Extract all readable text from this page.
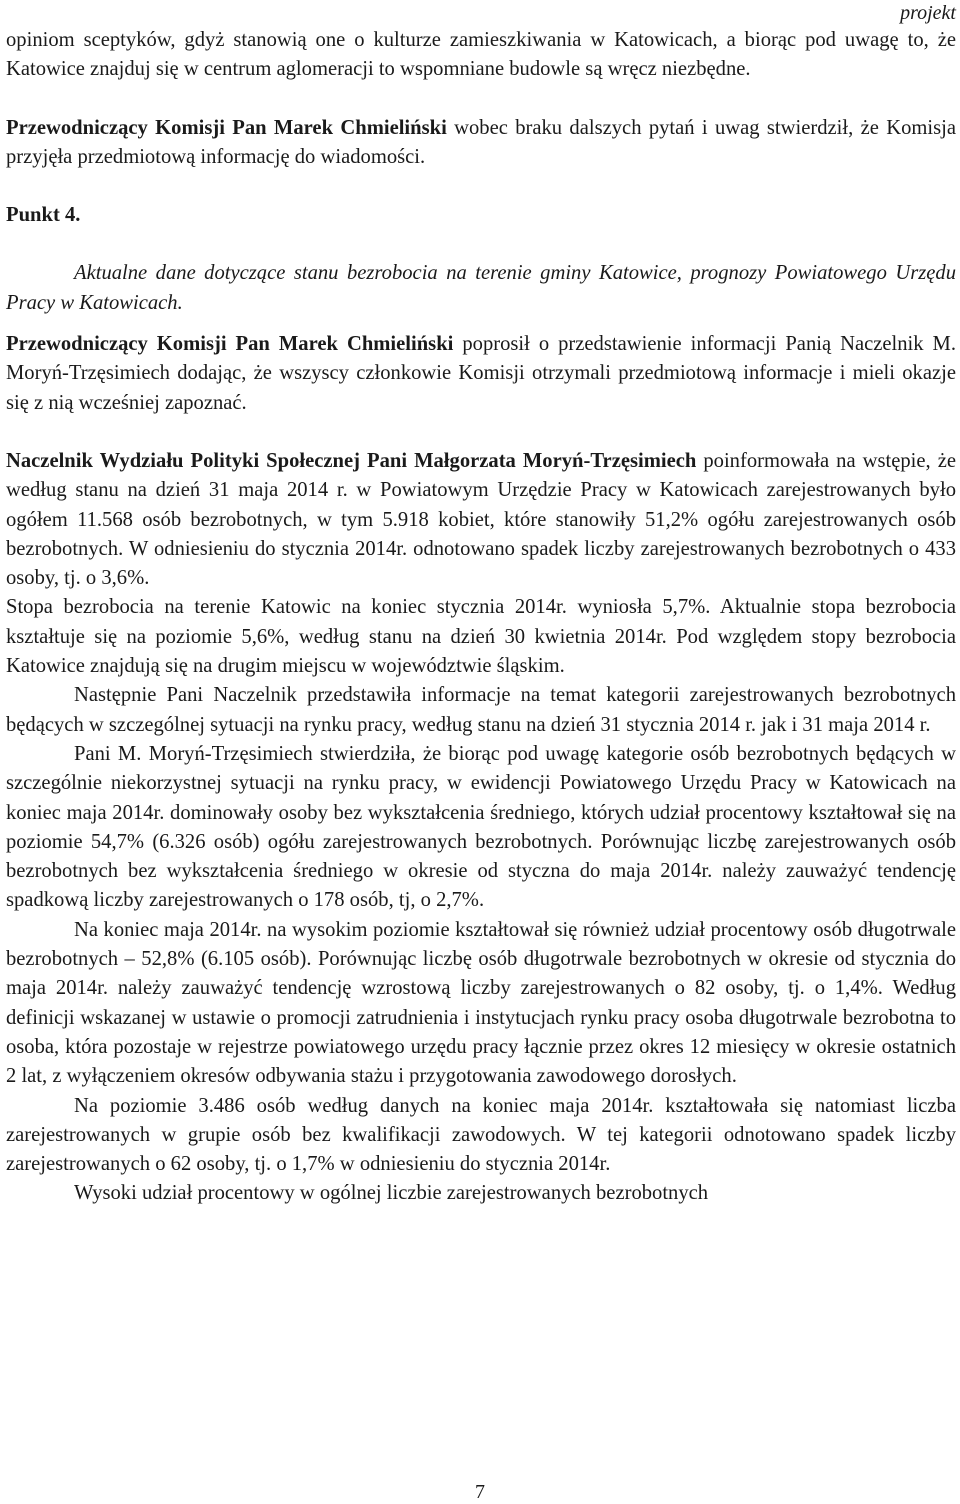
projekt

opiniom sceptyków, gdyż stanowią one o kulturze zamieszkiwania w Katowicach, a biorąc pod uwagę to, że Katowice znajduj się w centrum aglomeracji to wspomniane budowle są wręcz niezbędne.

Przewodniczący Komisji Pan Marek Chmieliński wobec braku dalszych pytań i uwag stwierdził, że Komisja przyjęła przedmiotową informację do wiadomości.

Punkt 4.

Aktualne dane dotyczące stanu bezrobocia na terenie gminy Katowice, prognozy Powiatowego Urzędu Pracy w Katowicach.

Przewodniczący Komisji Pan Marek Chmieliński poprosił o przedstawienie informacji Panią Naczelnik M. Moryń-Trzęsimiech dodając, że wszyscy członkowie Komisji otrzymali przedmiotową informacje i mieli okazje się z nią wcześniej zapoznać.

Naczelnik Wydziału Polityki Społecznej Pani Małgorzata Moryń-Trzęsimiech poinformowała na wstępie, że według stanu na dzień 31 maja 2014 r. w Powiatowym Urzędzie Pracy w Katowicach zarejestrowanych było ogółem 11.568 osób bezrobotnych, w tym 5.918 kobiet, które stanowiły 51,2% ogółu zarejestrowanych osób bezrobotnych. W odniesieniu do stycznia 2014r. odnotowano spadek liczby zarejestrowanych bezrobotnych o 433 osoby, tj. o 3,6%.

Stopa bezrobocia na terenie Katowic na koniec stycznia 2014r. wyniosła 5,7%. Aktualnie stopa bezrobocia kształtuje się na poziomie 5,6%, według stanu na dzień 30 kwietnia 2014r. Pod względem stopy bezrobocia Katowice znajdują się na drugim miejscu w województwie śląskim.

Następnie Pani Naczelnik przedstawiła informacje na temat kategorii zarejestrowanych bezrobotnych będących w szczególnej sytuacji na rynku pracy, według stanu na dzień 31 stycznia 2014 r. jak i 31 maja 2014 r.

Pani M. Moryń-Trzęsimiech stwierdziła, że biorąc pod uwagę kategorie osób bezrobotnych będących w szczególnie niekorzystnej sytuacji na rynku pracy, w ewidencji Powiatowego Urzędu Pracy w Katowicach na koniec maja 2014r. dominowały osoby bez wykształcenia średniego, których udział procentowy kształtował się na poziomie 54,7% (6.326 osób) ogółu zarejestrowanych bezrobotnych. Porównując liczbę zarejestrowanych osób bezrobotnych bez wykształcenia średniego w okresie od styczna do maja 2014r. należy zauważyć tendencję spadkową liczby zarejestrowanych o 178 osób, tj, o 2,7%.

Na koniec maja 2014r. na wysokim poziomie kształtował się również udział procentowy osób długotrwale bezrobotnych – 52,8% (6.105 osób). Porównując liczbę osób długotrwale bezrobotnych w okresie od stycznia do maja 2014r. należy zauważyć tendencję wzrostową liczby zarejestrowanych o 82 osoby, tj. o 1,4%. Według definicji wskazanej w ustawie o promocji zatrudnienia i instytucjach rynku pracy osoba długotrwale bezrobotna to osoba, która pozostaje w rejestrze powiatowego urzędu pracy łącznie przez okres 12 miesięcy w okresie ostatnich 2 lat, z wyłączeniem okresów odbywania stażu i przygotowania zawodowego dorosłych.

Na poziomie 3.486 osób według danych na koniec maja 2014r. kształtowała się natomiast liczba zarejestrowanych w grupie osób bez kwalifikacji zawodowych. W tej kategorii odnotowano spadek liczby zarejestrowanych o 62 osoby, tj. o 1,7% w odniesieniu do stycznia 2014r.

Wysoki udział procentowy w ogólnej liczbie zarejestrowanych bezrobotnych

7
